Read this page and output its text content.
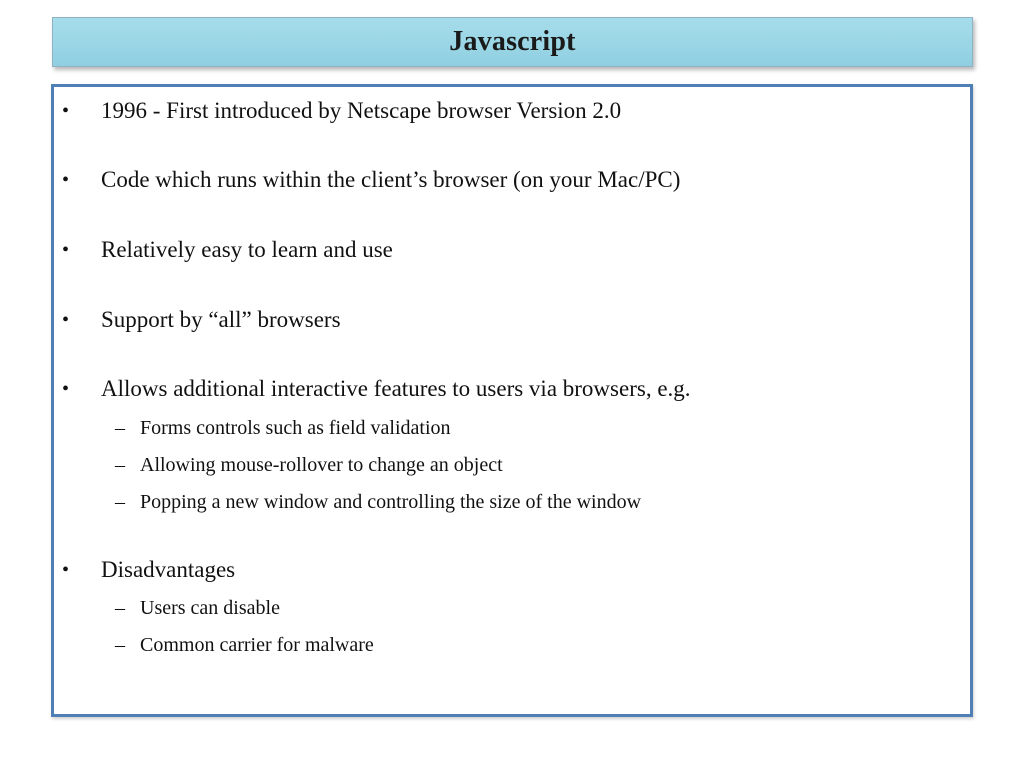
Javascript
• 1996 - First introduced by Netscape browser Version 2.0
• Code which runs within the client’s browser (on your Mac/PC)
• Relatively easy to learn and use
• Support by “all” browsers
• Allows additional interactive features to users via browsers, e.g.
– Forms controls such as field validation
– Allowing mouse-rollover to change an object
– Popping a new window and controlling the size of the window
• Disadvantages
– Users can disable
– Common carrier for malware
